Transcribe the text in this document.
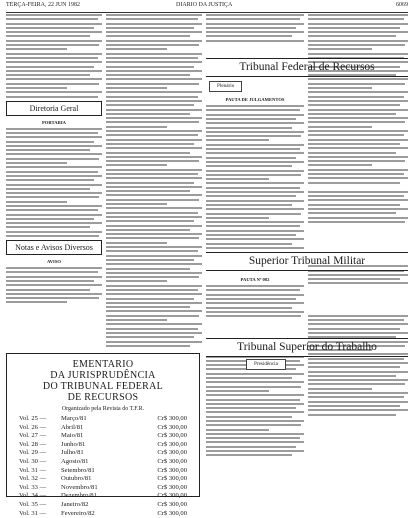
TERÇA-FEIRA, 22 JUN 1982	DIARIO DA JUSTIÇA	6069
Diretoria Geral
PORTARIA
Notas e Avisos Diversos
AVISO
PAUTA DE JULGAMENTOS
PAUTA Nº 082
Tribunal Federal de Recursos
Plenário
Superior Tribunal Militar
Tribunal Superior do Trabalho
Presidência
EMENTARIO
DA JURISPRUDÊNCIA
DO TRIBUNAL FEDERAL
DE RECURSOS
Organizado pela Revista do T.F.R.
Vol. 25 — Março/81	Cr$ 300,00
Vol. 26 — Abril/81	Cr$ 300,00
Vol. 27 — Maio/81	Cr$ 300,00
Vol. 28 — Junho/81	Cr$ 300,00
Vol. 29 — Julho/81	Cr$ 300,00
Vol. 30 — Agosto/81	Cr$ 300,00
Vol. 31 — Setembro/81	Cr$ 300,00
Vol. 32 — Outubro/81	Cr$ 300,00
Vol. 33 — Novembro/81	Cr$ 300,00
Vol. 34 — Dezembro/81	Cr$ 300,00
Vol. 35 — Janeiro/82	Cr$ 300,00
Vol. 31 — Fevereiro/82	Cr$ 300,00
